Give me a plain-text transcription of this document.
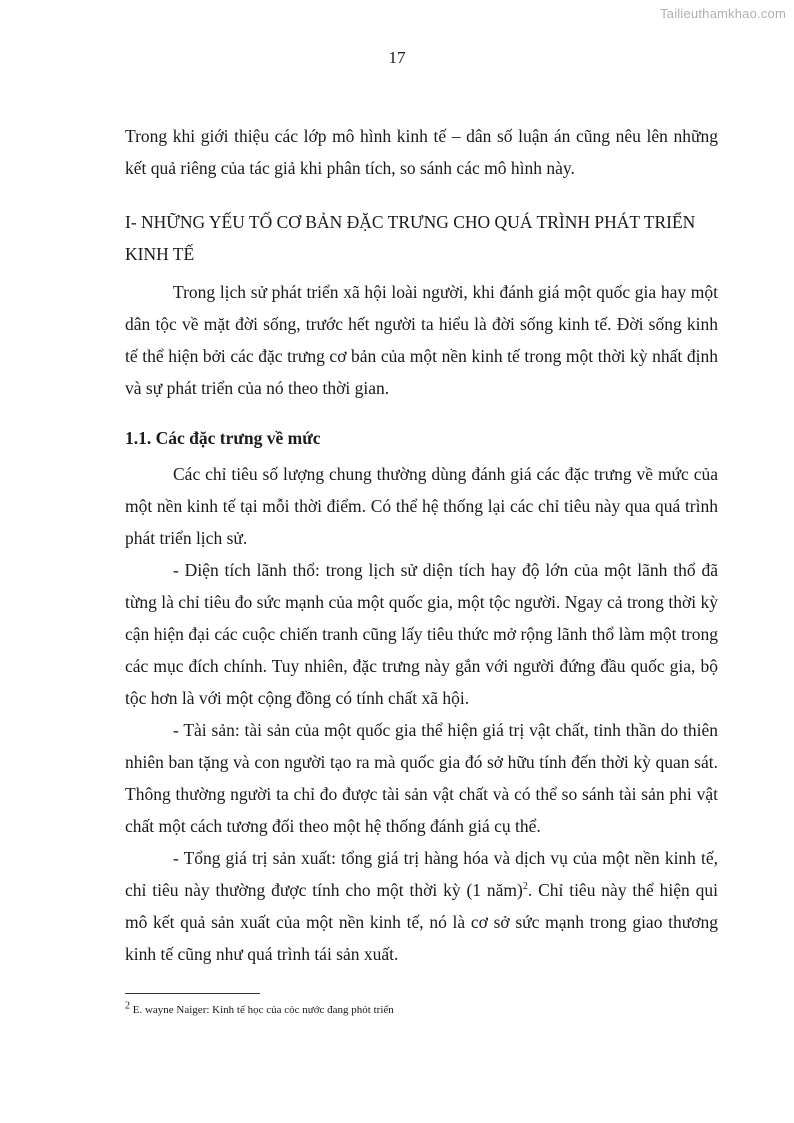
Tailieuthamkhao.com
17

Trong khi giới thiệu các lớp mô hình kinh tế – dân số luận án cũng nêu lên những kết quả riêng của tác giả khi phân tích, so sánh các mô hình này.

I- NHỮNG YẾU TỐ CƠ BẢN ĐẶC TRƯNG CHO QUÁ TRÌNH PHÁT TRIỂN KINH TẾ

Trong lịch sử phát triển xã hội loài người, khi đánh giá một quốc gia hay một dân tộc về mặt đời sống, trước hết người ta hiểu là đời sống kinh tế. Đời sống kinh tế thể hiện bởi các đặc trưng cơ bản của một nền kinh tế trong một thời kỳ nhất định và sự phát triển của nó theo thời gian.

1.1. Các đặc trưng về mức

Các chỉ tiêu số lượng chung thường dùng đánh giá các đặc trưng về mức của một nền kinh tế tại mỗi thời điểm. Có thể hệ thống lại các chỉ tiêu này qua quá trình phát triển lịch sử.

- Diện tích lãnh thổ: trong lịch sử diện tích hay độ lớn của một lãnh thổ đã từng là chỉ tiêu đo sức mạnh của một quốc gia, một tộc người. Ngay cả trong thời kỳ cận hiện đại các cuộc chiến tranh cũng lấy tiêu thức mở rộng lãnh thổ làm một trong các mục đích chính. Tuy nhiên, đặc trưng này gắn với người đứng đầu quốc gia, bộ tộc hơn là với một cộng đồng có tính chất xã hội.

- Tài sản: tài sản của một quốc gia thể hiện giá trị vật chất, tinh thần do thiên nhiên ban tặng và con người tạo ra mà quốc gia đó sở hữu tính đến thời kỳ quan sát. Thông thường người ta chỉ đo được tài sản vật chất và có thể so sánh tài sản phi vật chất một cách tương đối theo một hệ thống đánh giá cụ thể.

- Tổng giá trị sản xuất: tổng giá trị hàng hóa và dịch vụ của một nền kinh tế, chỉ tiêu này thường được tính cho một thời kỳ (1 năm)$^2$. Chỉ tiêu này thể hiện qui mô kết quả sản xuất của một nền kinh tế, nó là cơ sở sức mạnh trong giao thương kinh tế cũng như quá trình tái sản xuất.

$^2$ E. wayne Naiger: Kinh tế học của cỏc nước đang phỏt triển
